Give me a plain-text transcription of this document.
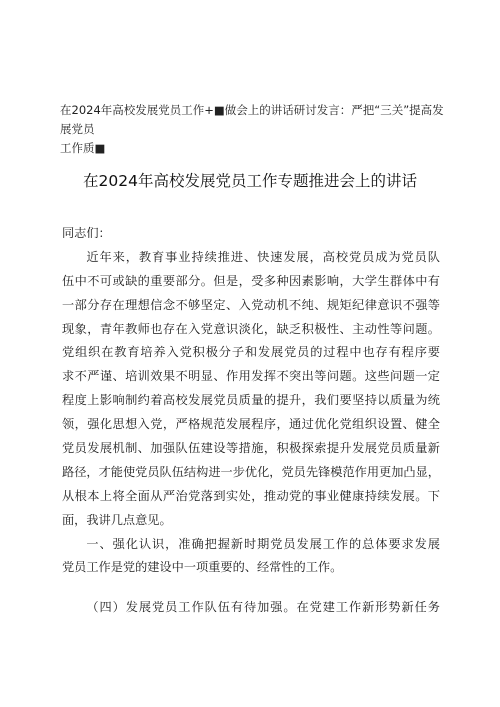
在2024年高校发展党员工作+■做会上的讲话研讨发言：严把“三关”提高发展党员
工作质■
在2024年高校发展党员工作专题推进会上的讲话
同志们：
近年来，教育事业持续推进、快速发展，高校党员成为党员队
伍中不可或缺的重要部分。但是，受多种因素影响，大学生群体中有
一部分存在理想信念不够坚定、入党动机不纯、规矩纪律意识不强等
现象，青年教师也存在入党意识淡化，缺乏积极性、主动性等问题。
党组织在教育培养入党积极分子和发展党员的过程中也存有程序要
求不严谨、培训效果不明显、作用发挥不突出等问题。这些问题一定
程度上影响制约着高校发展党员质量的提升，我们要坚持以质量为统
领，强化思想入党，严格规范发展程序，通过优化党组织设置、健全
党员发展机制、加强队伍建设等措施，积极探索提升发展党员质量新
路径，才能使党员队伍结构进一步优化，党员先锋模范作用更加凸显，
从根本上将全面从严治党落到实处，推动党的事业健康持续发展。下
面，我讲几点意见。
一、强化认识，准确把握新时期党员发展工作的总体要求发展
党员工作是党的建设中一项重要的、经常性的工作。
（四）发展党员工作队伍有待加强。在党建工作新形势新任务
